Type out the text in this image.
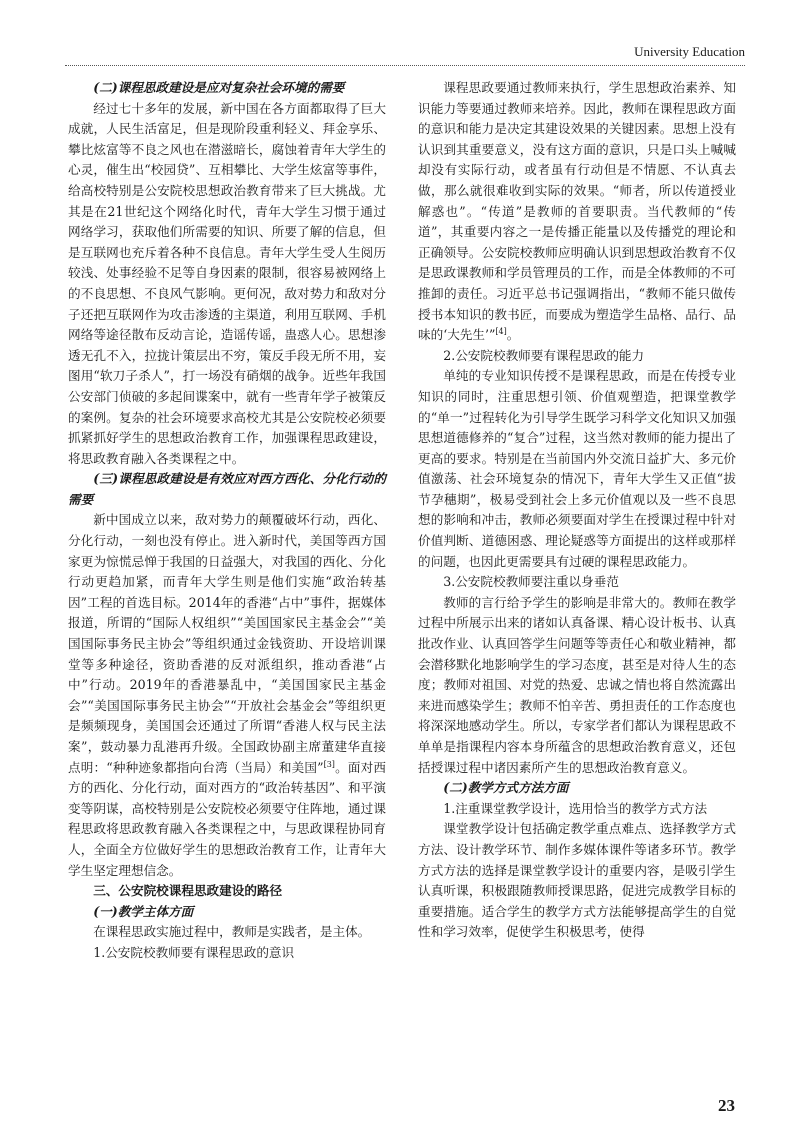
University Education
(二)课程思政建设是应对复杂社会环境的需要

经过七十多年的发展，新中国在各方面都取得了巨大成就，人民生活富足，但是现阶段重利轻义、拜金享乐、攀比炫富等不良之风也在潜滋暗长，腐蚀着青年大学生的心灵，催生出“校园贷”、互相攀比、大学生炫富等事件，给高校特别是公安院校思想政治教育带来了巨大挑战。尤其是在21世纪这个网络化时代，青年大学生习惯于通过网络学习，获取他们所需要的知识、所要了解的信息，但是互联网也充斥着各种不良信息。青年大学生受人生阅历较浅、处事经验不足等自身因素的限制，很容易被网络上的不良思想、不良风气影响。更何况，敌对势力和敌对分子还把互联网作为攻击渗透的主渠道，利用互联网、手机网络等途径散布反动言论，造谣传谣，蛊惑人心。思想渗透无孔不入，拉拢计策层出不穷，策反手段无所不用，妄图用“软刀子杀人”，打一场没有硝烟的战争。近些年我国公安部门侦破的多起间谍案中，就有一些青年学子被策反的案例。复杂的社会环境要求高校尤其是公安院校必须要抓紧抓好学生的思想政治教育工作，加强课程思政建设，将思政教育融入各类课程之中。

(三)课程思政建设是有效应对西方西化、分化行动的需要

新中国成立以来，敌对势力的颠覆破坏行动，西化、分化行动，一刻也没有停止。进入新时代，美国等西方国家更为惊慌忌惮于我国的日益强大，对我国的西化、分化行动更趋加紧，而青年大学生则是他们实施“政治转基因”工程的首选目标。2014年的香港“占中”事件，据媒体报道，所谓的“国际人权组织”“美国国家民主基金会”“美国国际事务民主协会”等组织通过金钱资助、开设培训课堂等多种途径，资助香港的反对派组织，推动香港“占中”行动。2019年的香港暴乱中，“美国国家民主基金会”“美国国际事务民主协会”“开放社会基金会”等组织更是频频现身，美国国会还通过了所谓“香港人权与民主法案”，鼓动暴力乱港再升级。全国政协副主席董建华直接点明：“种种迹象都指向台湾（当局）和美国”[3]。面对西方的西化、分化行动，面对西方的“政治转基因”、和平演变等阴谋，高校特别是公安院校必须要守住阵地，通过课程思政将思政教育融入各类课程之中，与思政课程协同育人，全面全方位做好学生的思想政治教育工作，让青年大学生坚定理想信念。

三、公安院校课程思政建设的路径
(一)教学主体方面

在课程思政实施过程中，教师是实践者，是主体。

1.公安院校教师要有课程思政的意识

课程思政要通过教师来执行，学生思想政治素养、知识能力等要通过教师来培养。因此，教师在课程思政方面的意识和能力是决定其建设效果的关键因素。思想上没有认识到其重要意义，没有这方面的意识，只是口头上喊喊却没有实际行动，或者虽有行动但是不情愿、不认真去做，那么就很难收到实际的效果。“师者，所以传道授业解惑也”。“传道”是教师的首要职责。当代教师的“传道”，其重要内容之一是传播正能量以及传播党的理论和正确领导。公安院校教师应明确认识到思想政治教育不仅是思政课教师和学员管理员的工作，而是全体教师的不可推卸的责任。习近平总书记强调指出，“教师不能只做传授书本知识的教书匠，而要成为塑造学生品格、品行、品味的‘大先生’”[4]。

2.公安院校教师要有课程思政的能力

单纯的专业知识传授不是课程思政，而是在传授专业知识的同时，注重思想引领、价值观塑造，把课堂教学的“单一”过程转化为引导学生既学习科学文化知识又加强思想道德修养的“复合”过程，这当然对教师的能力提出了更高的要求。特别是在当前国内外交流日益扩大、多元价值激荡、社会环境复杂的情况下，青年大学生又正值“拔节孕穗期”，极易受到社会上多元价值观以及一些不良思想的影响和冲击，教师必须要面对学生在授课过程中针对价值判断、道德困惑、理论疑惑等方面提出的这样或那样的问题，也因此更需要具有过硬的课程思政能力。

3.公安院校教师要注重以身垂范

教师的言行给予学生的影响是非常大的。教师在教学过程中所展示出来的诸如认真备课、精心设计板书、认真批改作业、认真回答学生问题等等责任心和敬业精神，都会潜移默化地影响学生的学习态度，甚至是对待人生的态度；教师对祖国、对党的热爱、忠诚之情也将自然流露出来进而感染学生；教师不怕辛苦、勇担责任的工作态度也将深深地感动学生。所以，专家学者们都认为课程思政不单单是指课程内容本身所蕴含的思想政治教育意义，还包括授课过程中诸因素所产生的思想政治教育意义。

(二)教学方式方法方面

1.注重课堂教学设计，选用恰当的教学方式方法

课堂教学设计包括确定教学重点难点、选择教学方式方法、设计教学环节、制作多媒体课件等诸多环节。教学方式方法的选择是课堂教学设计的重要内容，是吸引学生认真听课，积极跟随教师授课思路，促进完成教学目标的重要措施。适合学生的教学方式方法能够提高学生的自觉性和学习效率，促使学生积极思考，使得

23
